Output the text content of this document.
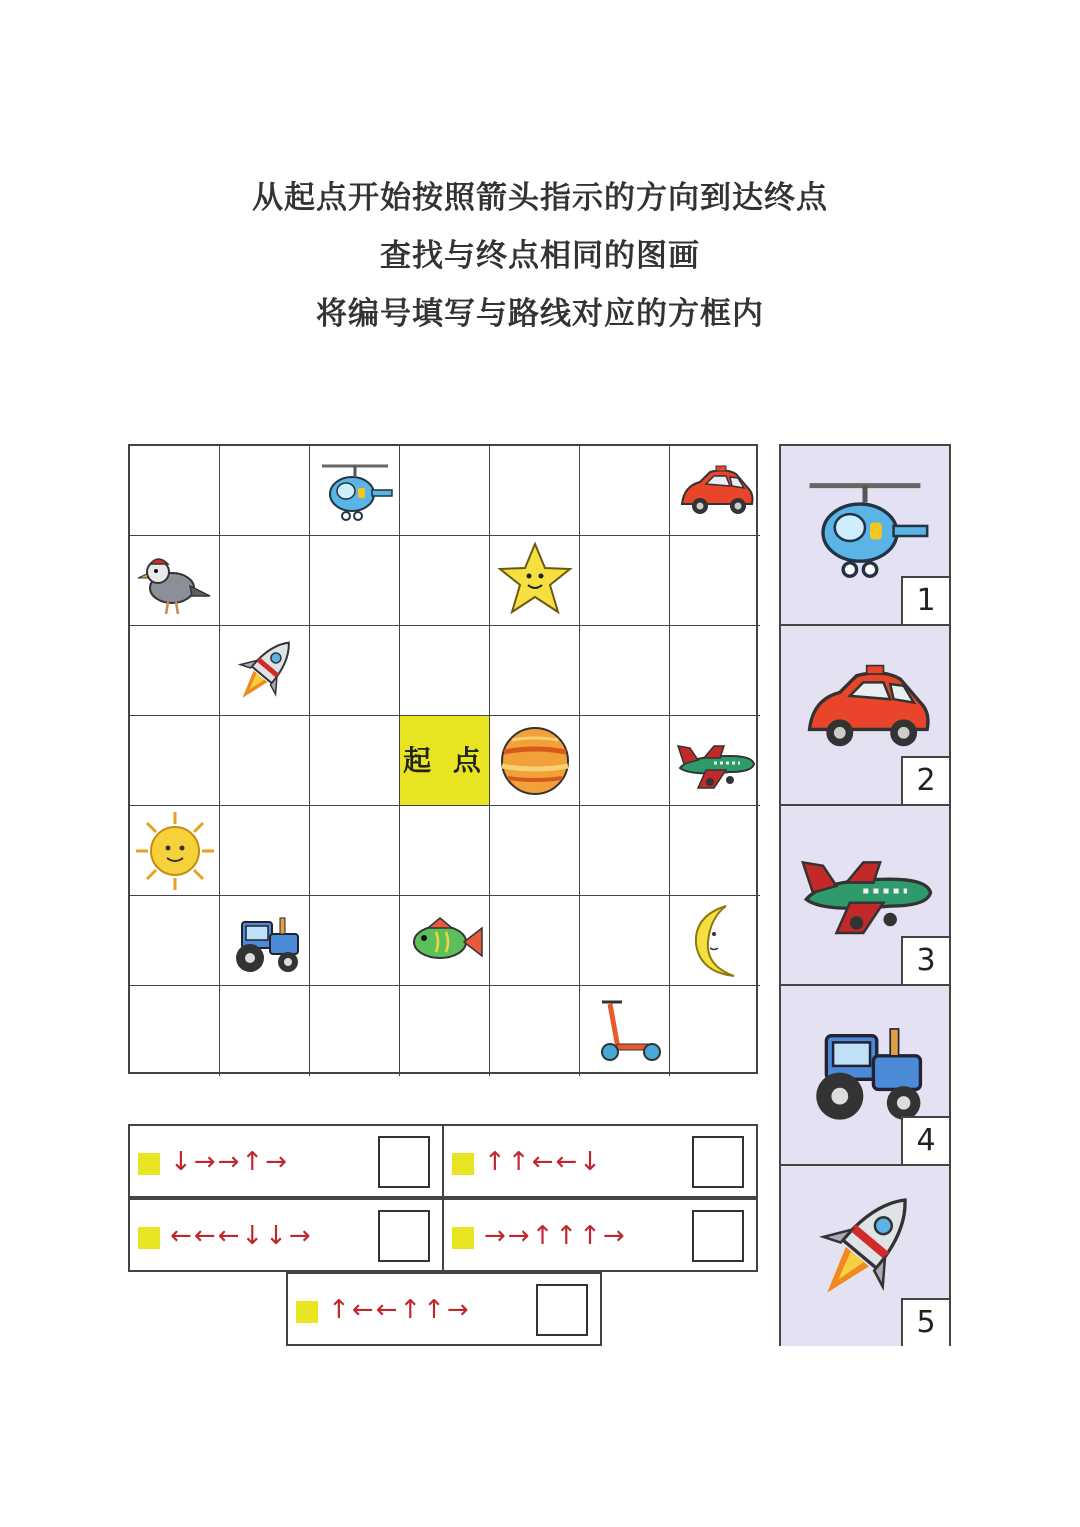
从起点开始按照箭头指示的方向到达终点
查找与终点相同的图画
将编号填写与路线对应的方框内
起 点
1
2
3
4
5
↓→→↑→	↑↑←←↓
←←←↓↓→	→→↑↑↑→
↑←←↑↑→
